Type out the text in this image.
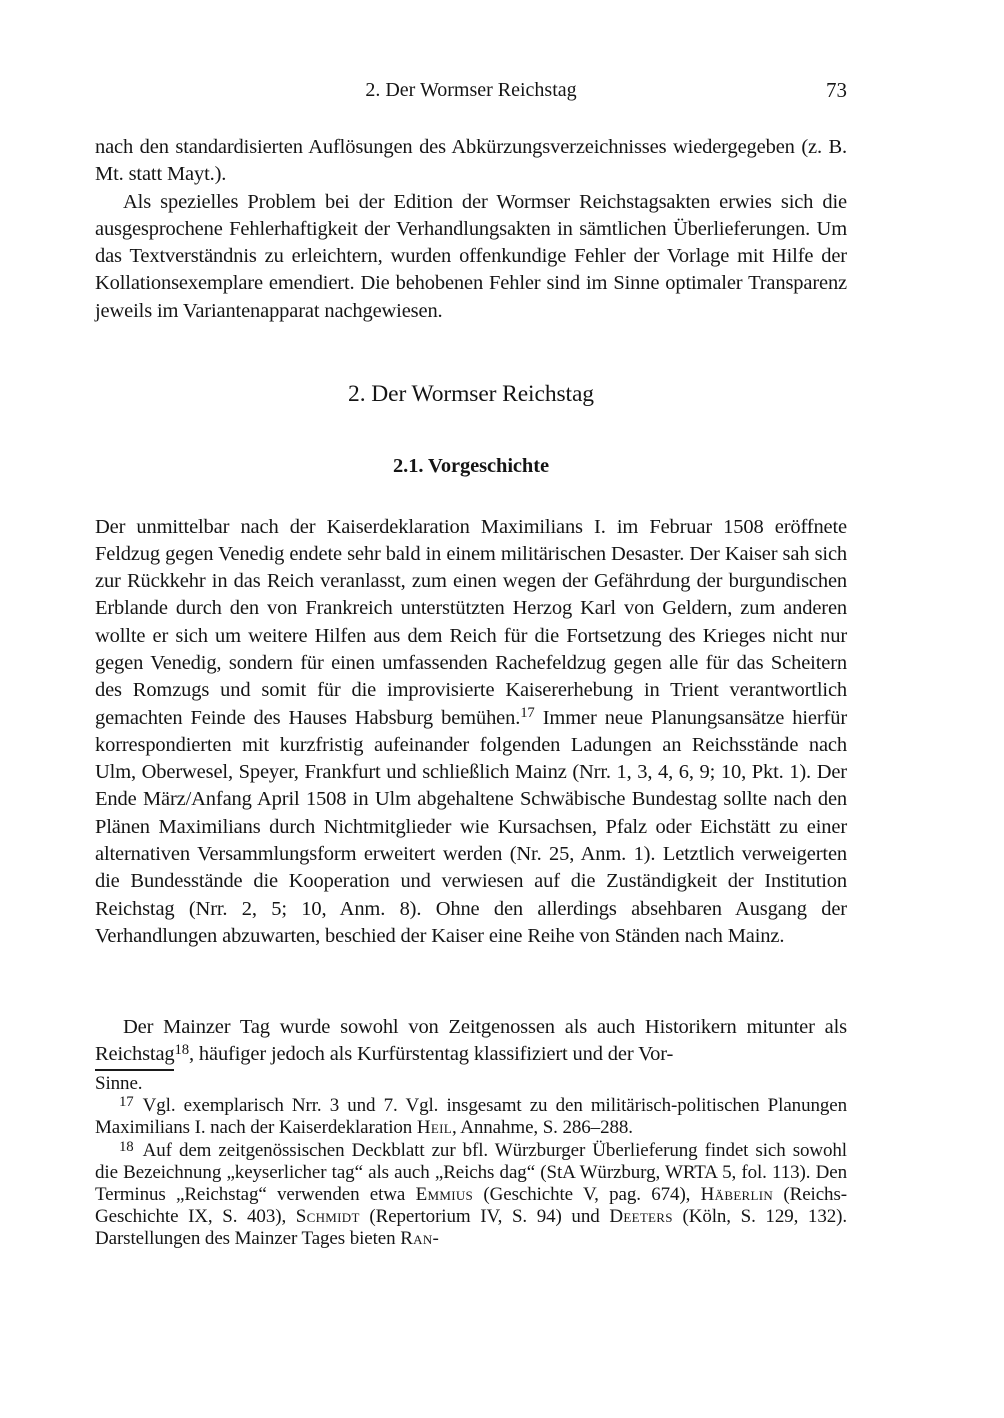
2. Der Wormser Reichstag	73

nach den standardisierten Auflösungen des Abkürzungsverzeichnisses wiedergegeben (z. B. Mt. statt Mayt.).

Als spezielles Problem bei der Edition der Wormser Reichstagsakten erwies sich die ausgesprochene Fehlerhaftigkeit der Verhandlungsakten in sämtlichen Überlieferungen. Um das Textverständnis zu erleichtern, wurden offenkundige Fehler der Vorlage mit Hilfe der Kollationsexemplare emendiert. Die behobenen Fehler sind im Sinne optimaler Transparenz jeweils im Variantenapparat nachgewiesen.

2. Der Wormser Reichstag
2.1. Vorgeschichte

Der unmittelbar nach der Kaiserdeklaration Maximilians I. im Februar 1508 eröffnete Feldzug gegen Venedig endete sehr bald in einem militärischen Desaster. Der Kaiser sah sich zur Rückkehr in das Reich veranlasst, zum einen wegen der Gefährdung der burgundischen Erblande durch den von Frankreich unterstützten Herzog Karl von Geldern, zum anderen wollte er sich um weitere Hilfen aus dem Reich für die Fortsetzung des Krieges nicht nur gegen Venedig, sondern für einen umfassenden Rachefeldzug gegen alle für das Scheitern des Romzugs und somit für die improvisierte Kaisererhebung in Trient verantwortlich gemachten Feinde des Hauses Habsburg bemühen.$^{17}$ Immer neue Planungsansätze hierfür korrespondierten mit kurzfristig aufeinander folgenden Ladungen an Reichsstände nach Ulm, Oberwesel, Speyer, Frankfurt und schließlich Mainz (Nrr. 1, 3, 4, 6, 9; 10, Pkt. 1). Der Ende März/Anfang April 1508 in Ulm abgehaltene Schwäbische Bundestag sollte nach den Plänen Maximilians durch Nichtmitglieder wie Kursachsen, Pfalz oder Eichstätt zu einer alternativen Versammlungsform erweitert werden (Nr. 25, Anm. 1). Letztlich verweigerten die Bundesstände die Kooperation und verwiesen auf die Zuständigkeit der Institution Reichstag (Nrr. 2, 5; 10, Anm. 8). Ohne den allerdings absehbaren Ausgang der Verhandlungen abzuwarten, beschied der Kaiser eine Reihe von Ständen nach Mainz.

Der Mainzer Tag wurde sowohl von Zeitgenossen als auch Historikern mitunter als Reichstag$^{18}$, häufiger jedoch als Kurfürstentag klassifiziert und der Vor-

Sinne.

$^{17}$ Vgl. exemplarisch Nrr. 3 und 7. Vgl. insgesamt zu den militärisch-politischen Planungen Maximilians I. nach der Kaiserdeklaration Heil, Annahme, S. 286–288.

$^{18}$ Auf dem zeitgenössischen Deckblatt zur bfl. Würzburger Überlieferung findet sich sowohl die Bezeichnung „keyserlicher tag“ als auch „Reichs dag“ (StA Würzburg, WRTA 5, fol. 113). Den Terminus „Reichstag“ verwenden etwa Emmius (Geschichte V, pag. 674), Häberlin (Reichs-Geschichte IX, S. 403), Schmidt (Repertorium IV, S. 94) und Deeters (Köln, S. 129, 132). Darstellungen des Mainzer Tages bieten Ran-
